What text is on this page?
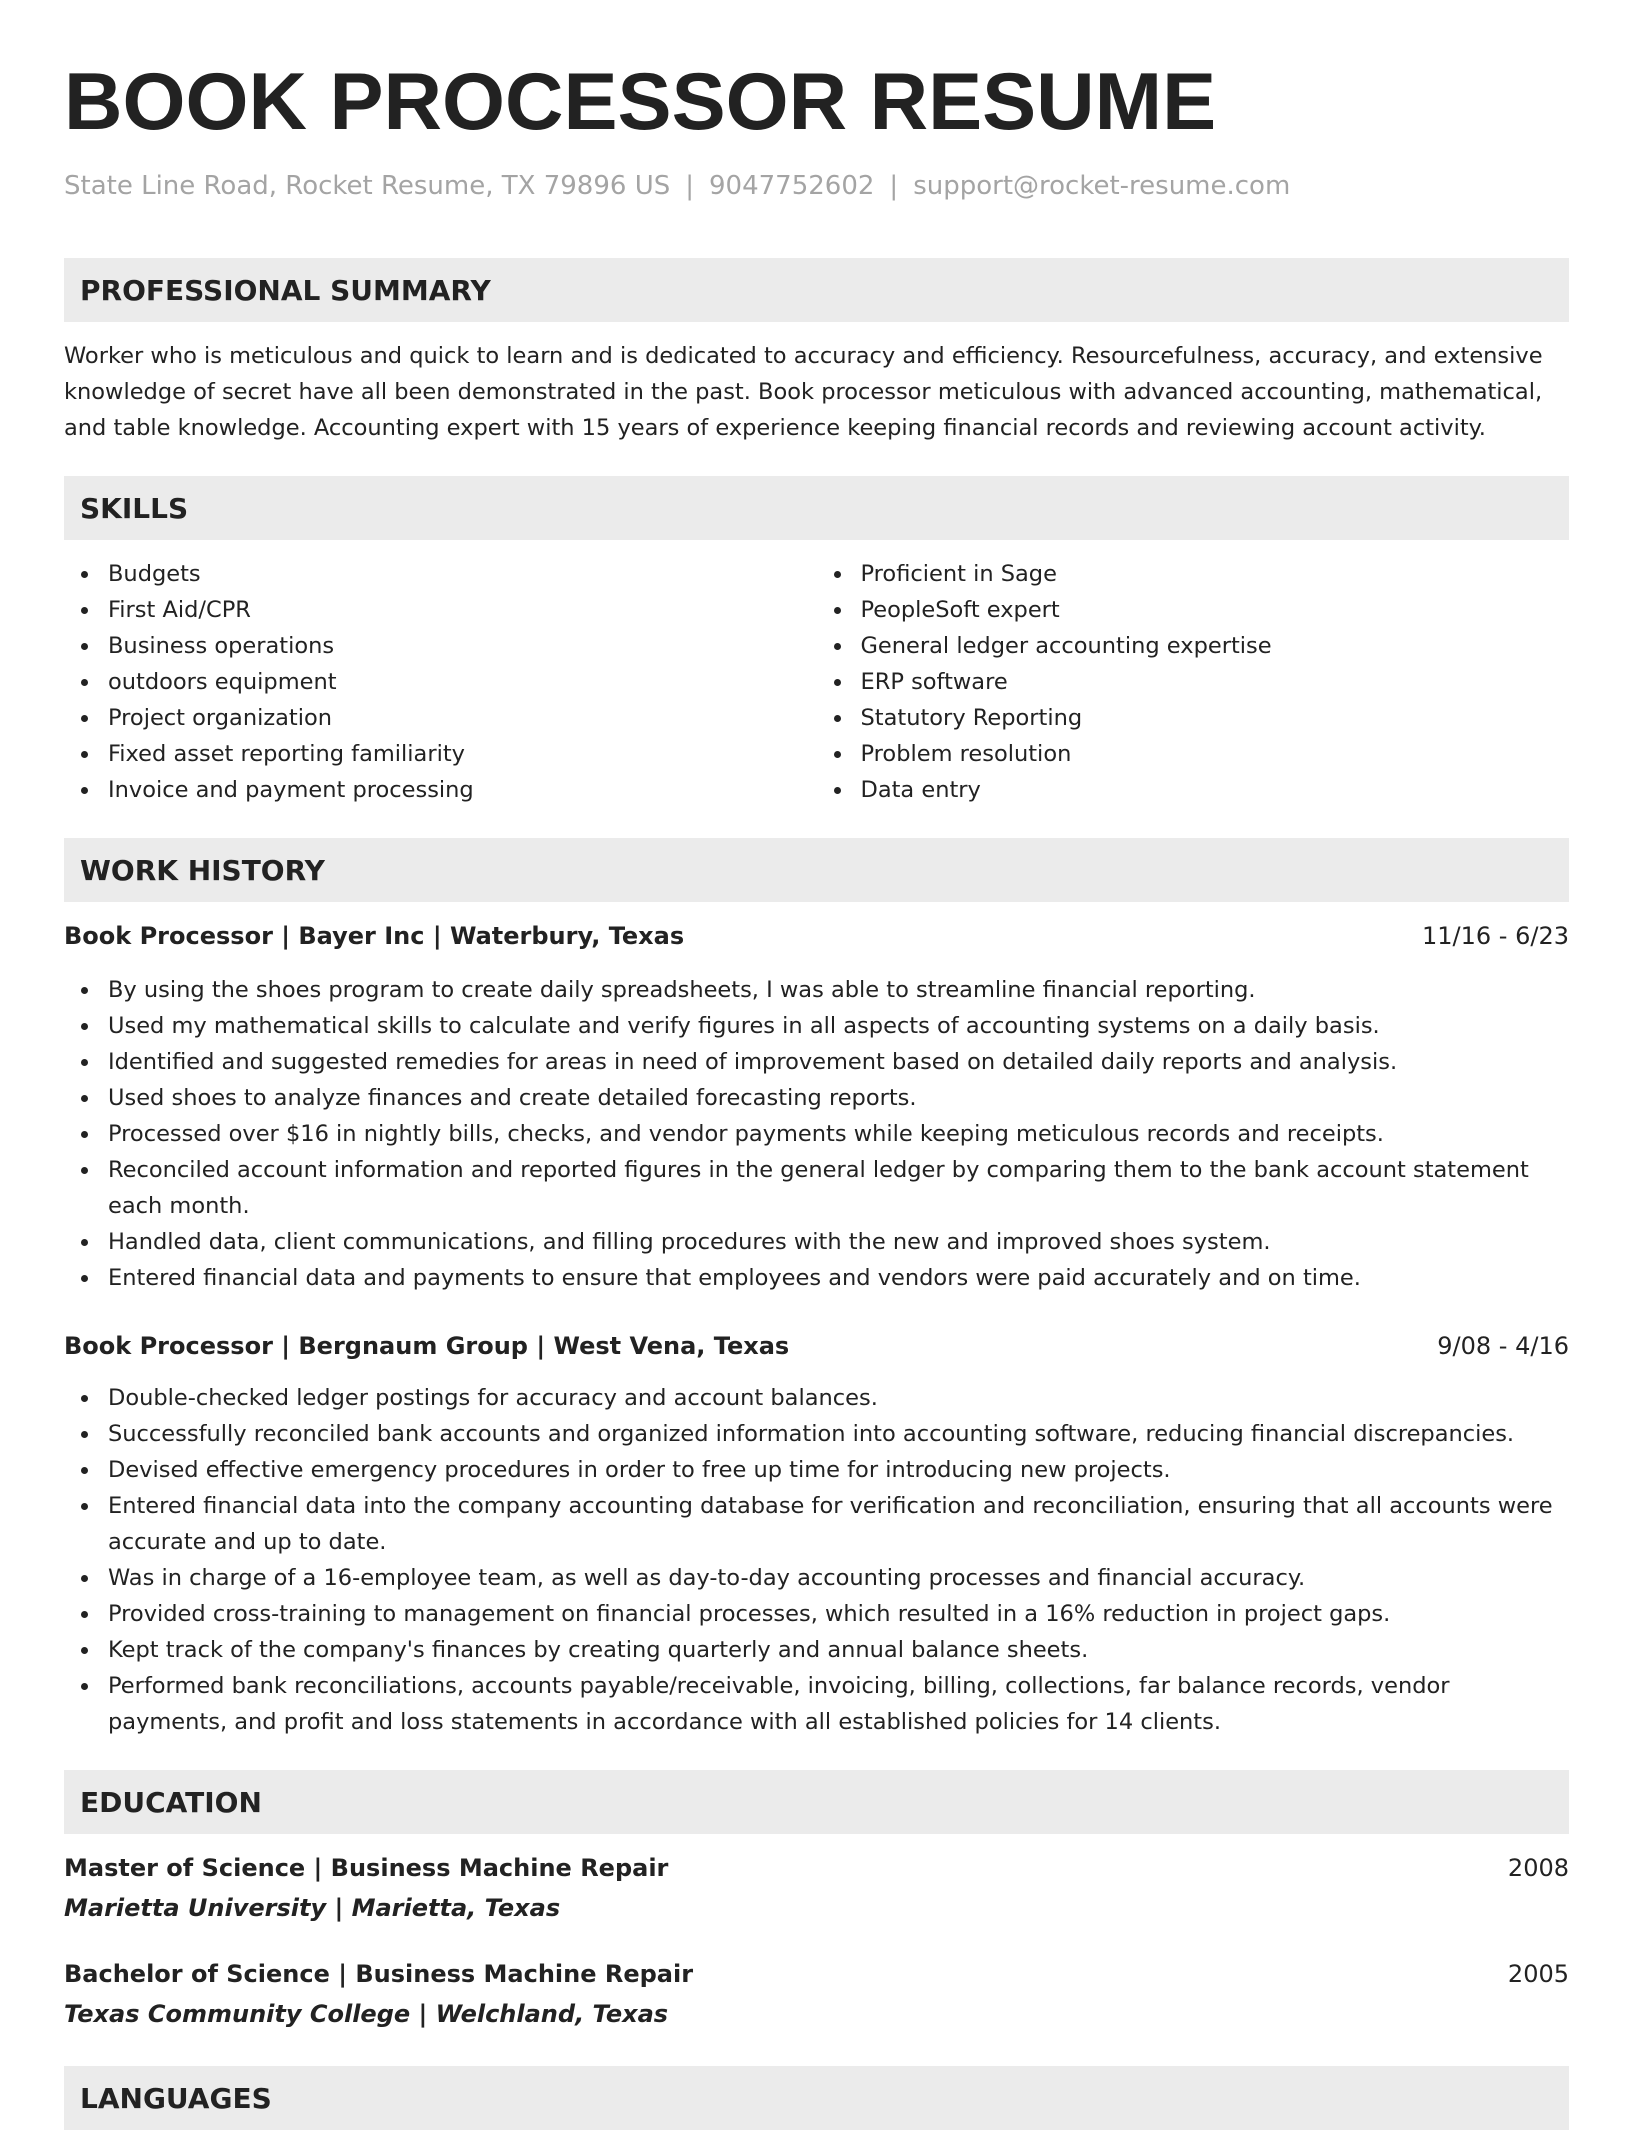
BOOK PROCESSOR RESUME
State Line Road, Rocket Resume, TX 79896 US | 9047752602 | support@rocket-resume.com
PROFESSIONAL SUMMARY

Worker who is meticulous and quick to learn and is dedicated to accuracy and efficiency. Resourcefulness, accuracy, and extensive knowledge of secret have all been demonstrated in the past. Book processor meticulous with advanced accounting, mathematical, and table knowledge. Accounting expert with 15 years of experience keeping financial records and reviewing account activity.

SKILLS
Budgets
First Aid/CPR
Business operations
outdoors equipment
Project organization
Fixed asset reporting familiarity
Invoice and payment processing
Proficient in Sage
PeopleSoft expert
General ledger accounting expertise
ERP software
Statutory Reporting
Problem resolution
Data entry
WORK HISTORY
Book Processor | Bayer Inc | Waterbury, Texas	11/16 - 6/23
By using the shoes program to create daily spreadsheets, I was able to streamline financial reporting.
Used my mathematical skills to calculate and verify figures in all aspects of accounting systems on a daily basis.
Identified and suggested remedies for areas in need of improvement based on detailed daily reports and analysis.
Used shoes to analyze finances and create detailed forecasting reports.
Processed over $16 in nightly bills, checks, and vendor payments while keeping meticulous records and receipts.
Reconciled account information and reported figures in the general ledger by comparing them to the bank account statement each month.
Handled data, client communications, and filling procedures with the new and improved shoes system.
Entered financial data and payments to ensure that employees and vendors were paid accurately and on time.
Book Processor | Bergnaum Group | West Vena, Texas	9/08 - 4/16
Double-checked ledger postings for accuracy and account balances.
Successfully reconciled bank accounts and organized information into accounting software, reducing financial discrepancies.
Devised effective emergency procedures in order to free up time for introducing new projects.
Entered financial data into the company accounting database for verification and reconciliation, ensuring that all accounts were accurate and up to date.
Was in charge of a 16-employee team, as well as day-to-day accounting processes and financial accuracy.
Provided cross-training to management on financial processes, which resulted in a 16% reduction in project gaps.
Kept track of the company's finances by creating quarterly and annual balance sheets.
Performed bank reconciliations, accounts payable/receivable, invoicing, billing, collections, far balance records, vendor payments, and profit and loss statements in accordance with all established policies for 14 clients.
EDUCATION
Master of Science | Business Machine Repair	2008
Marietta University | Marietta, Texas
Bachelor of Science | Business Machine Repair	2005
Texas Community College | Welchland, Texas
LANGUAGES
